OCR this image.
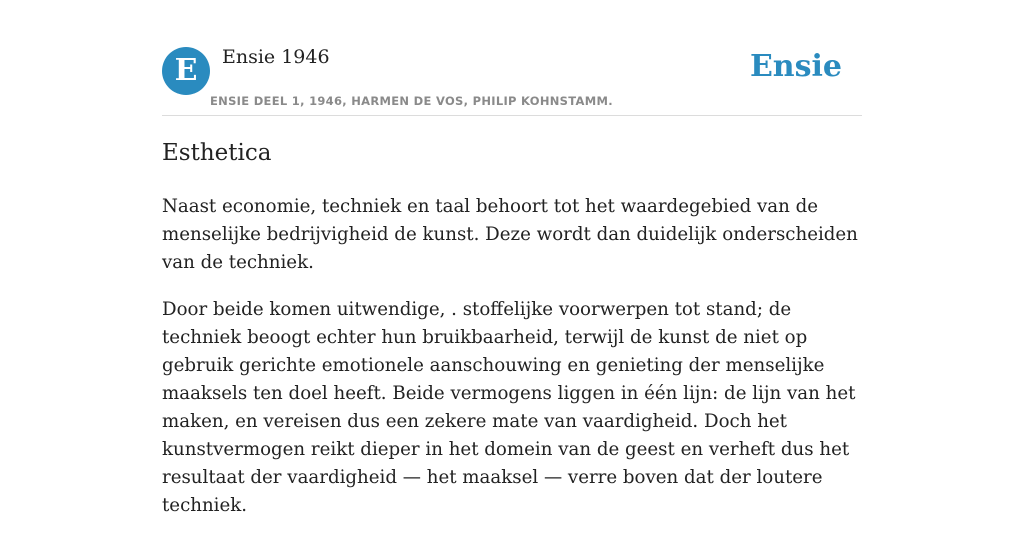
E Ensie 1946
ENSIE DEEL 1, 1946, HARMEN DE VOS, PHILIP KOHNSTAMM.
Ensie
Esthetica

Naast economie, techniek en taal behoort tot het waardegebied van de menselijke bedrijvigheid de kunst. Deze wordt dan duidelijk onderscheiden van de techniek.

Door beide komen uitwendige, . stoffelijke voorwerpen tot stand; de techniek beoogt echter hun bruikbaarheid, terwijl de kunst de niet op gebruik gerichte emotionele aanschouwing en genieting der menselijke maaksels ten doel heeft. Beide vermogens liggen in één lijn: de lijn van het maken, en vereisen dus een zekere mate van vaardigheid. Doch het kunstvermogen reikt dieper in het domein van de geest en verheft dus het resultaat der vaardigheid — het maaksel — verre boven dat der loutere techniek.
